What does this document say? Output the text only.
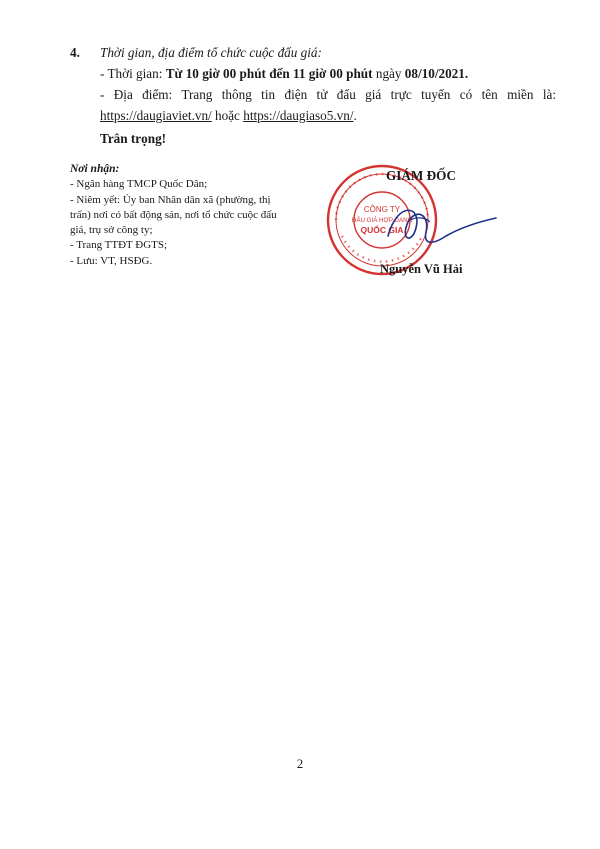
4. Thời gian, địa điểm tổ chức cuộc đấu giá:
- Thời gian: Từ 10 giờ 00 phút đến 11 giờ 00 phút ngày 08/10/2021.
- Địa điểm: Trang thông tin điện tử đấu giá trực tuyến có tên miền là:
https://daugiaviet.vn/ hoặc https://daugiaso5.vn/.
Trân trọng!
Nơi nhận:
- Ngân hàng TMCP Quốc Dân;
- Niêm yết: Ủy ban Nhân dân xã (phường, thị trấn) nơi có bất động sản, nơi tổ chức cuộc đấu giá, trụ sở công ty;
- Trang TTĐT ĐGTS;
- Lưu: VT, HSĐG.
CÔNG TY
ĐẤU GIÁ HỢP DANH
QUỐC GIA
GIÁM ĐỐC
Nguyễn Vũ Hải
2
